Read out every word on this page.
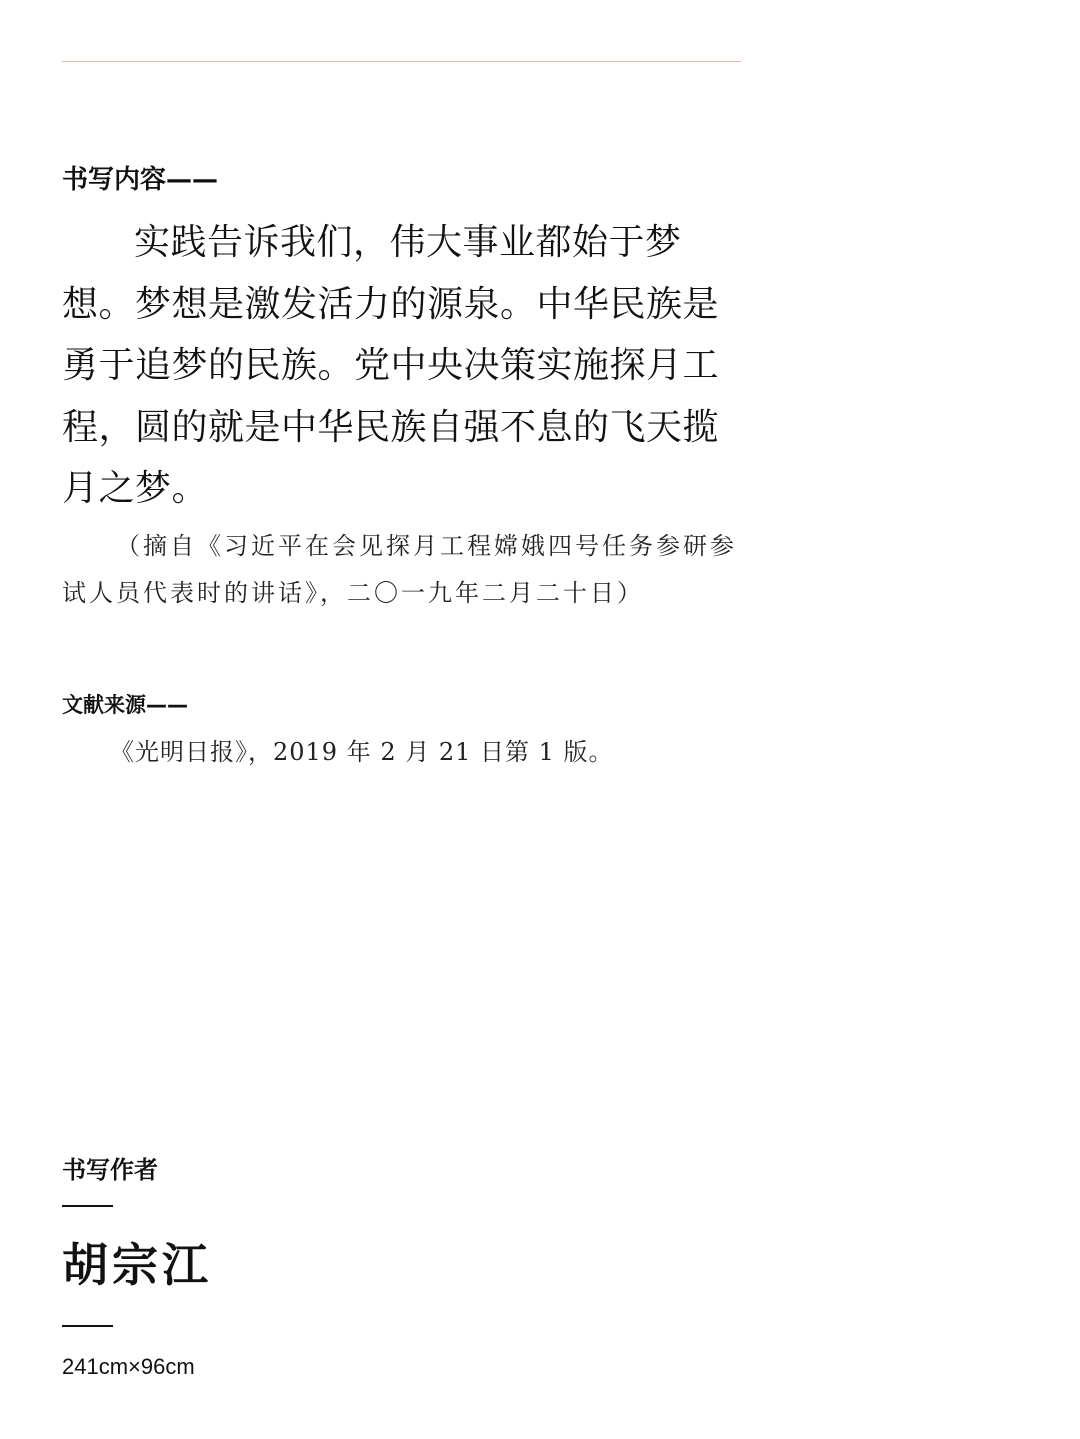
书写内容——

实践告诉我们，伟大事业都始于梦想。梦想是激发活力的源泉。中华民族是勇于追梦的民族。党中央决策实施探月工程，圆的就是中华民族自强不息的飞天揽月之梦。

（摘自《习近平在会见探月工程嫦娥四号任务参研参试人员代表时的讲话》，二〇一九年二月二十日）

文献来源——

《光明日报》，2019 年 2 月 21 日第 1 版。

书写作者
胡宗江
241cm×96cm
